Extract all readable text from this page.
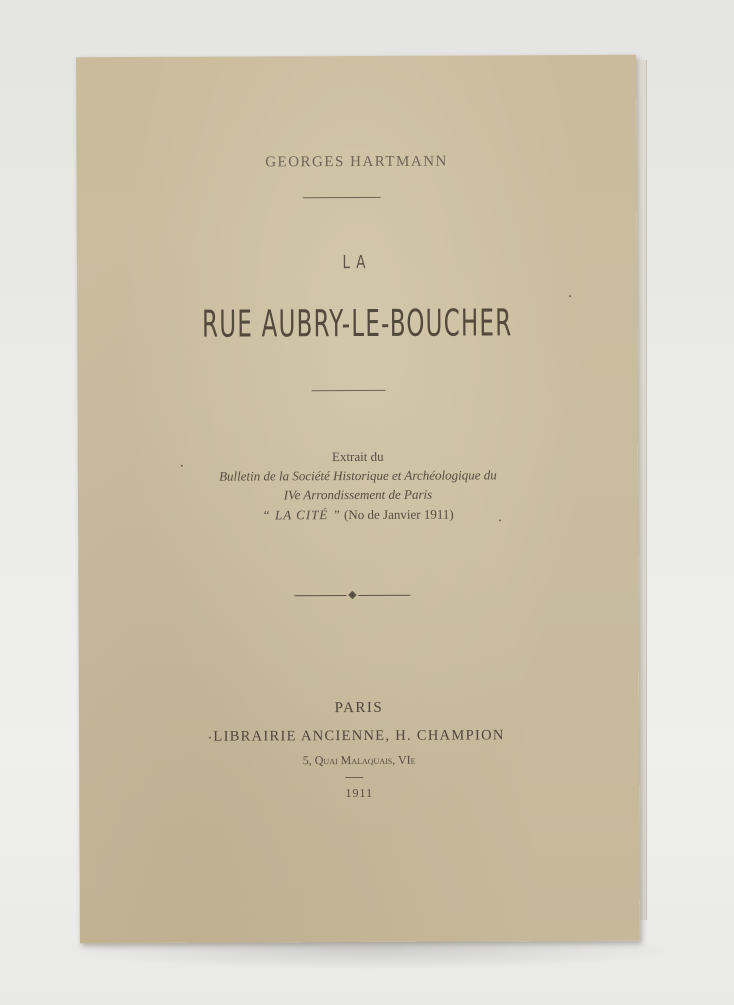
GEORGES HARTMANN
LA
RUE AUBRY-LE-BOUCHER
Extrait du
Bulletin de la Société Historique et Archéologique du
IVe Arrondissement de Paris
“ LA CITÉ ” (No de Janvier 1911)
PARIS
LIBRAIRIE ANCIENNE, H. CHAMPION
5, Quai Malaquais, VIe
1911
